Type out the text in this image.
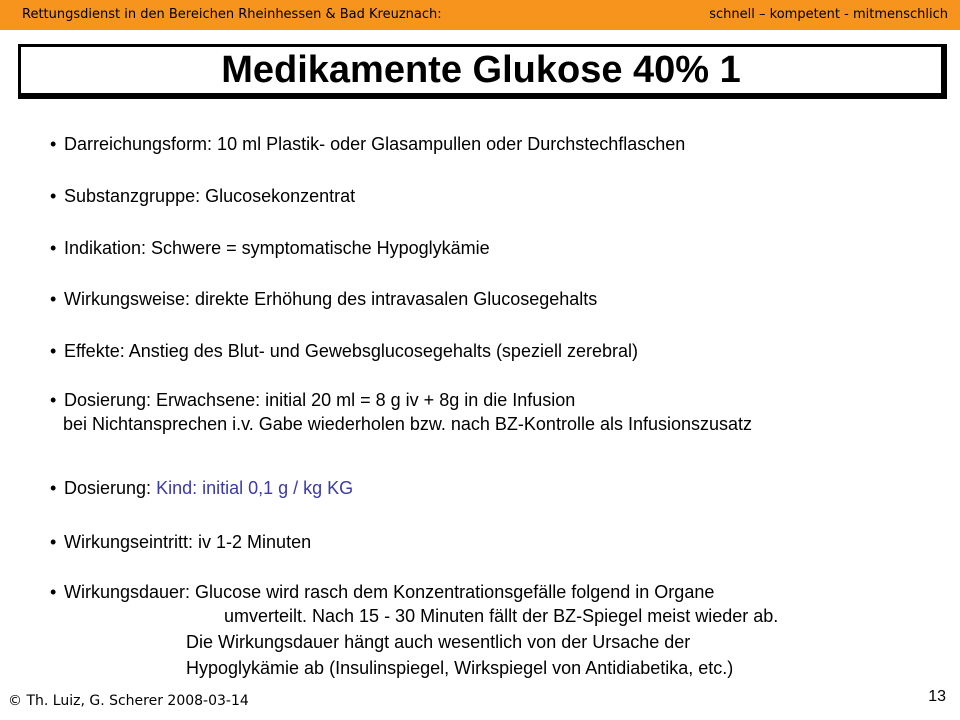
Rettungsdienst in den Bereichen Rheinhessen & Bad Kreuznach:	schnell – kompetent - mitmenschlich
Medikamente Glukose 40% 1
• Darreichungsform: 10 ml Plastik- oder Glasampullen oder Durchstechflaschen
• Substanzgruppe: Glucosekonzentrat
• Indikation: Schwere = symptomatische Hypoglykämie
• Wirkungsweise: direkte Erhöhung des intravasalen Glucosegehalts
• Effekte: Anstieg des Blut- und Gewebsglucosegehalts (speziell zerebral)
• Dosierung: Erwachsene: initial 20 ml = 8 g iv + 8g in die Infusion
bei Nichtansprechen i.v. Gabe wiederholen bzw. nach BZ-Kontrolle als Infusionszusatz
• Dosierung: Kind: initial 0,1 g / kg KG
• Wirkungseintritt: iv 1-2 Minuten
• Wirkungsdauer: Glucose wird rasch dem Konzentrationsgefälle folgend in Organe
umverteilt. Nach 15 - 30 Minuten fällt der BZ-Spiegel meist wieder ab.
Die Wirkungsdauer hängt auch wesentlich von der Ursache der
Hypoglykämie ab (Insulinspiegel, Wirkspiegel von Antidiabetika, etc.)
© Th. Luiz, G. Scherer 2008-03-14	13
